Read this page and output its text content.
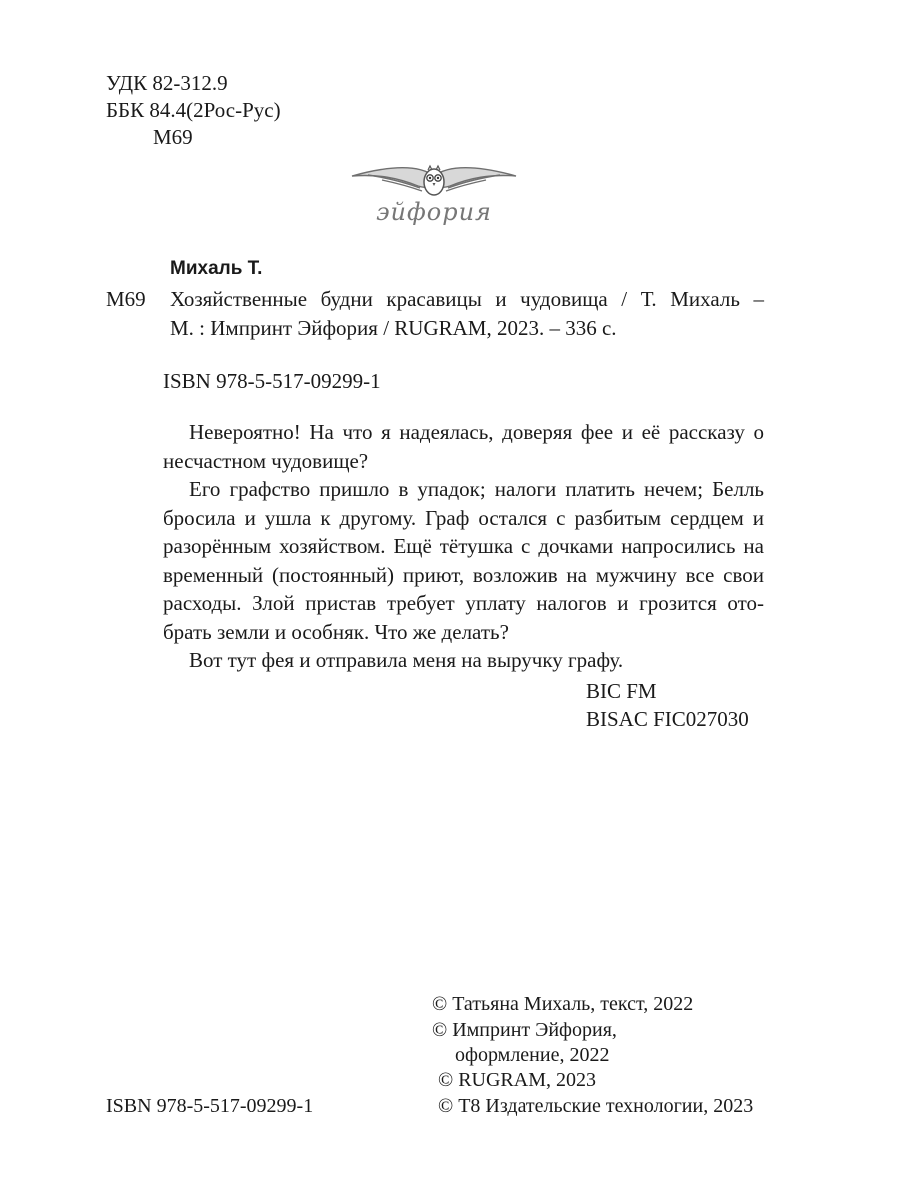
УДК 82-312.9

ББК 84.4(2Рос-Рус)

М69

эйфория
Михаль Т.

М69 Хозяйственные будни красавицы и чудовища / Т. Михаль –

М. : Импринт Эйфория / RUGRAM, 2023. – 336 с.

ISBN 978-5-517-09299-1

Невероятно! На что я надеялась, доверяя фее и её рассказу о несчастном чудовище?

Его графство пришло в упадок; налоги платить нечем; Белль бросила и ушла к другому. Граф остался с разбитым сердцем и разорённым хозяйством. Ещё тётушка с дочками напросились на временный (постоянный) приют, возложив на мужчину все свои расходы. Злой пристав требует уплату налогов и грозится ото-брать земли и особняк. Что же делать?

Вот тут фея и отправила меня на выручку графу.

BIC FM

BISAC FIC027030

© Татьяна Михаль, текст, 2022

© Импринт Эйфория,

оформление, 2022

© RUGRAM, 2023

ISBN 978-5-517-09299-1	© Т8 Издательские технологии, 2023
